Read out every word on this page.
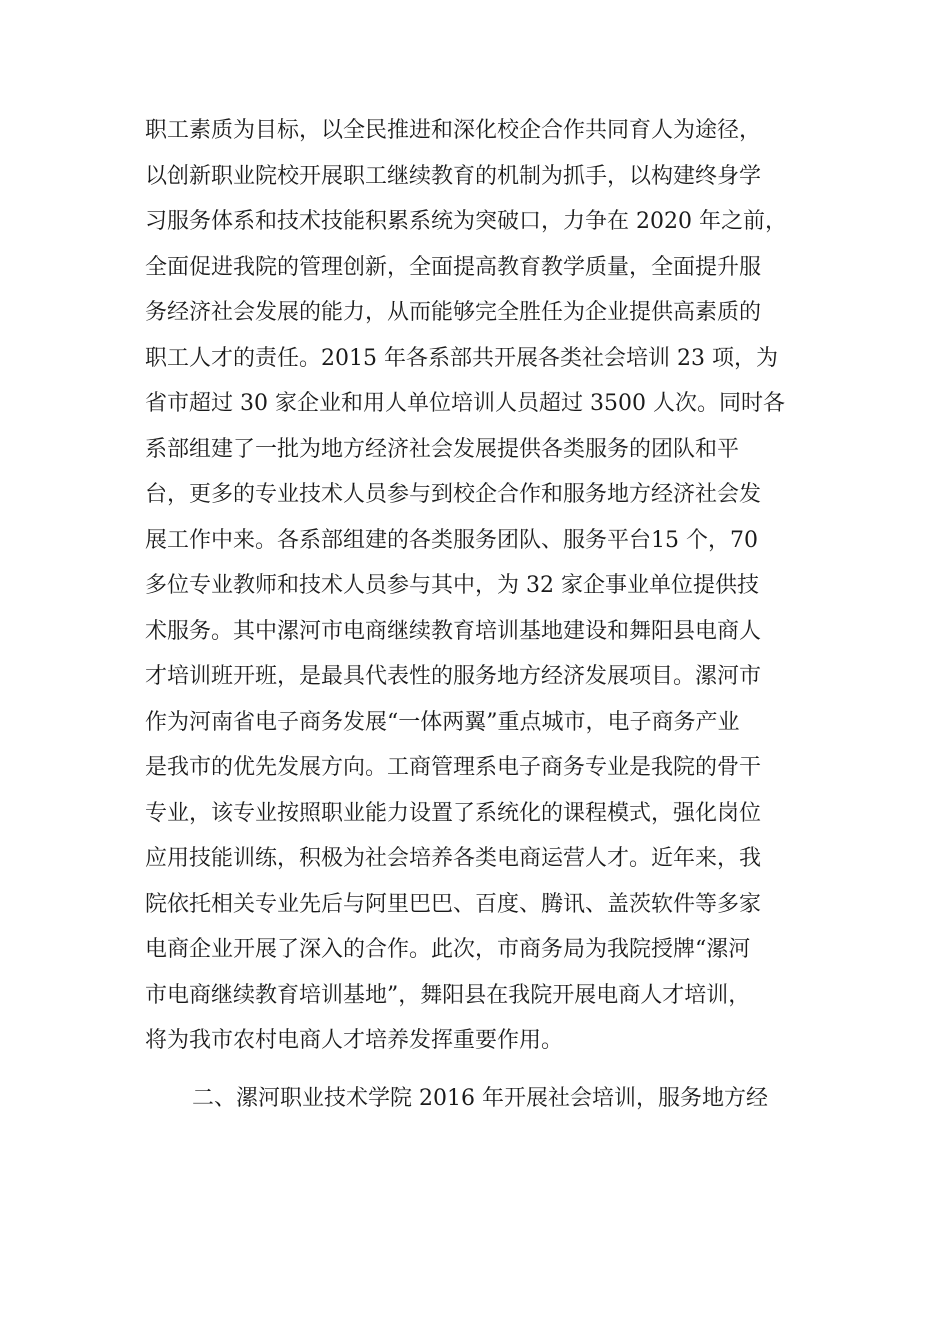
职工素质为目标，以全民推进和深化校企合作共同育人为途径，
以创新职业院校开展职工继续教育的机制为抓手，以构建终身学
习服务体系和技术技能积累系统为突破口，力争在 2020 年之前，
全面促进我院的管理创新，全面提高教育教学质量，全面提升服
务经济社会发展的能力，从而能够完全胜任为企业提供高素质的
职工人才的责任。2015 年各系部共开展各类社会培训 23 项，为
省市超过 30 家企业和用人单位培训人员超过 3500 人次。同时各
系部组建了一批为地方经济社会发展提供各类服务的团队和平
台，更多的专业技术人员参与到校企合作和服务地方经济社会发
展工作中来。各系部组建的各类服务团队、服务平台15 个，70
多位专业教师和技术人员参与其中，为 32 家企事业单位提供技
术服务。其中漯河市电商继续教育培训基地建设和舞阳县电商人
才培训班开班，是最具代表性的服务地方经济发展项目。漯河市
作为河南省电子商务发展“一体两翼”重点城市，电子商务产业
是我市的优先发展方向。工商管理系电子商务专业是我院的骨干
专业，该专业按照职业能力设置了系统化的课程模式，强化岗位
应用技能训练，积极为社会培养各类电商运营人才。近年来，我
院依托相关专业先后与阿里巴巴、百度、腾讯、盖茨软件等多家
电商企业开展了深入的合作。此次，市商务局为我院授牌“漯河
市电商继续教育培训基地”，舞阳县在我院开展电商人才培训，
将为我市农村电商人才培养发挥重要作用。
二、漯河职业技术学院 2016 年开展社会培训，服务地方经
